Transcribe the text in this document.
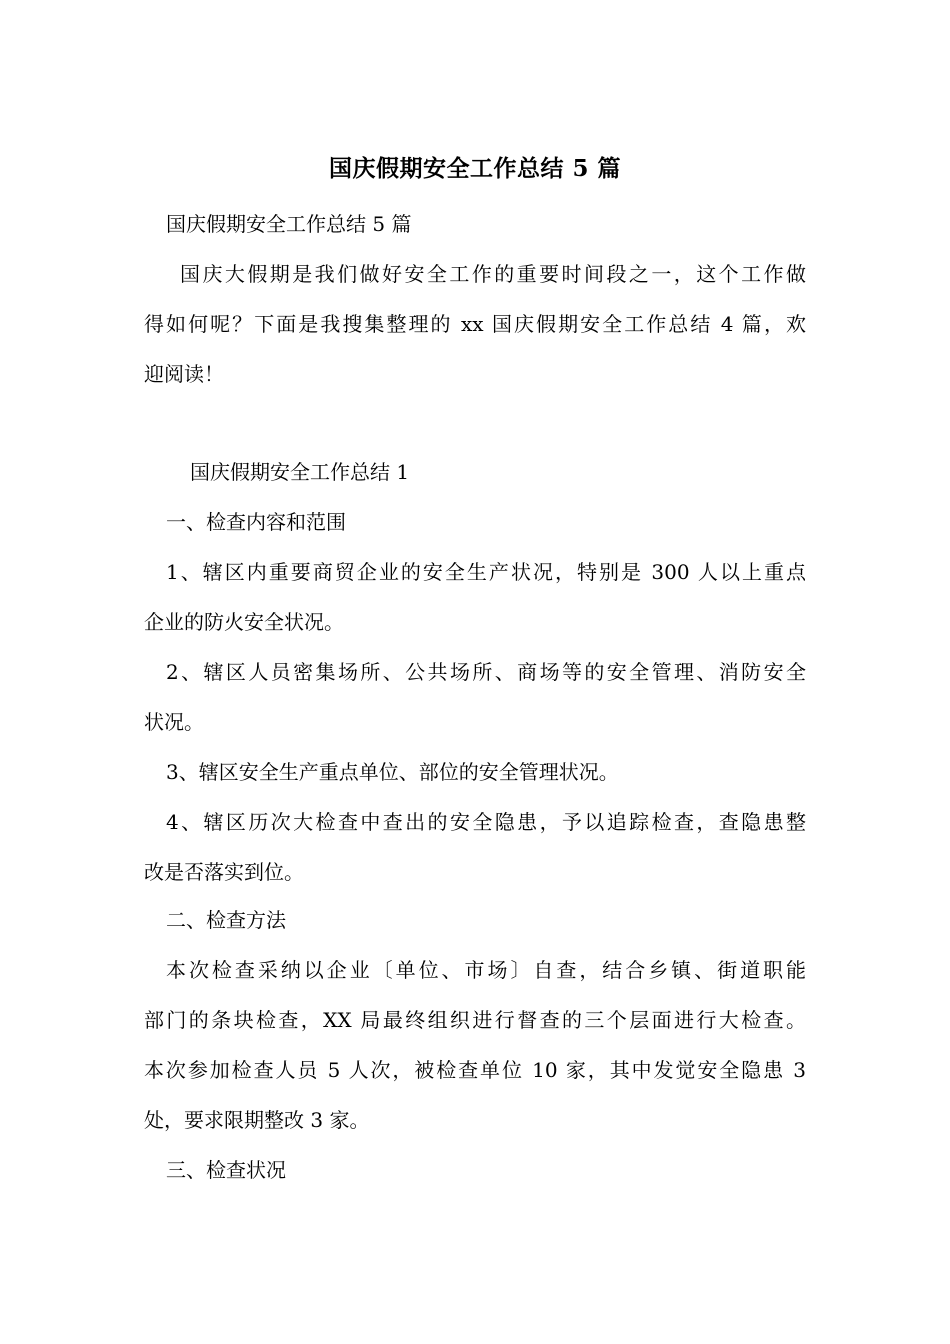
国庆假期安全工作总结 5 篇
国庆假期安全工作总结 5 篇
国庆大假期是我们做好安全工作的重要时间段之一，这个工作做
得如何呢？下面是我搜集整理的 xx 国庆假期安全工作总结 4 篇，欢
迎阅读！
国庆假期安全工作总结 1
一、检查内容和范围
1、辖区内重要商贸企业的安全生产状况，特别是 300 人以上重点
企业的防火安全状况。
2、辖区人员密集场所、公共场所、商场等的安全管理、消防安全
状况。
3、辖区安全生产重点单位、部位的安全管理状况。
4、辖区历次大检查中查出的安全隐患，予以追踪检查，查隐患整
改是否落实到位。
二、检查方法
本次检查采纳以企业〔单位、市场〕自查，结合乡镇、街道职能
部门的条块检查，XX 局最终组织进行督查的三个层面进行大检查。
本次参加检查人员 5 人次，被检查单位 10 家，其中发觉安全隐患 3
处，要求限期整改 3 家。
三、检查状况
